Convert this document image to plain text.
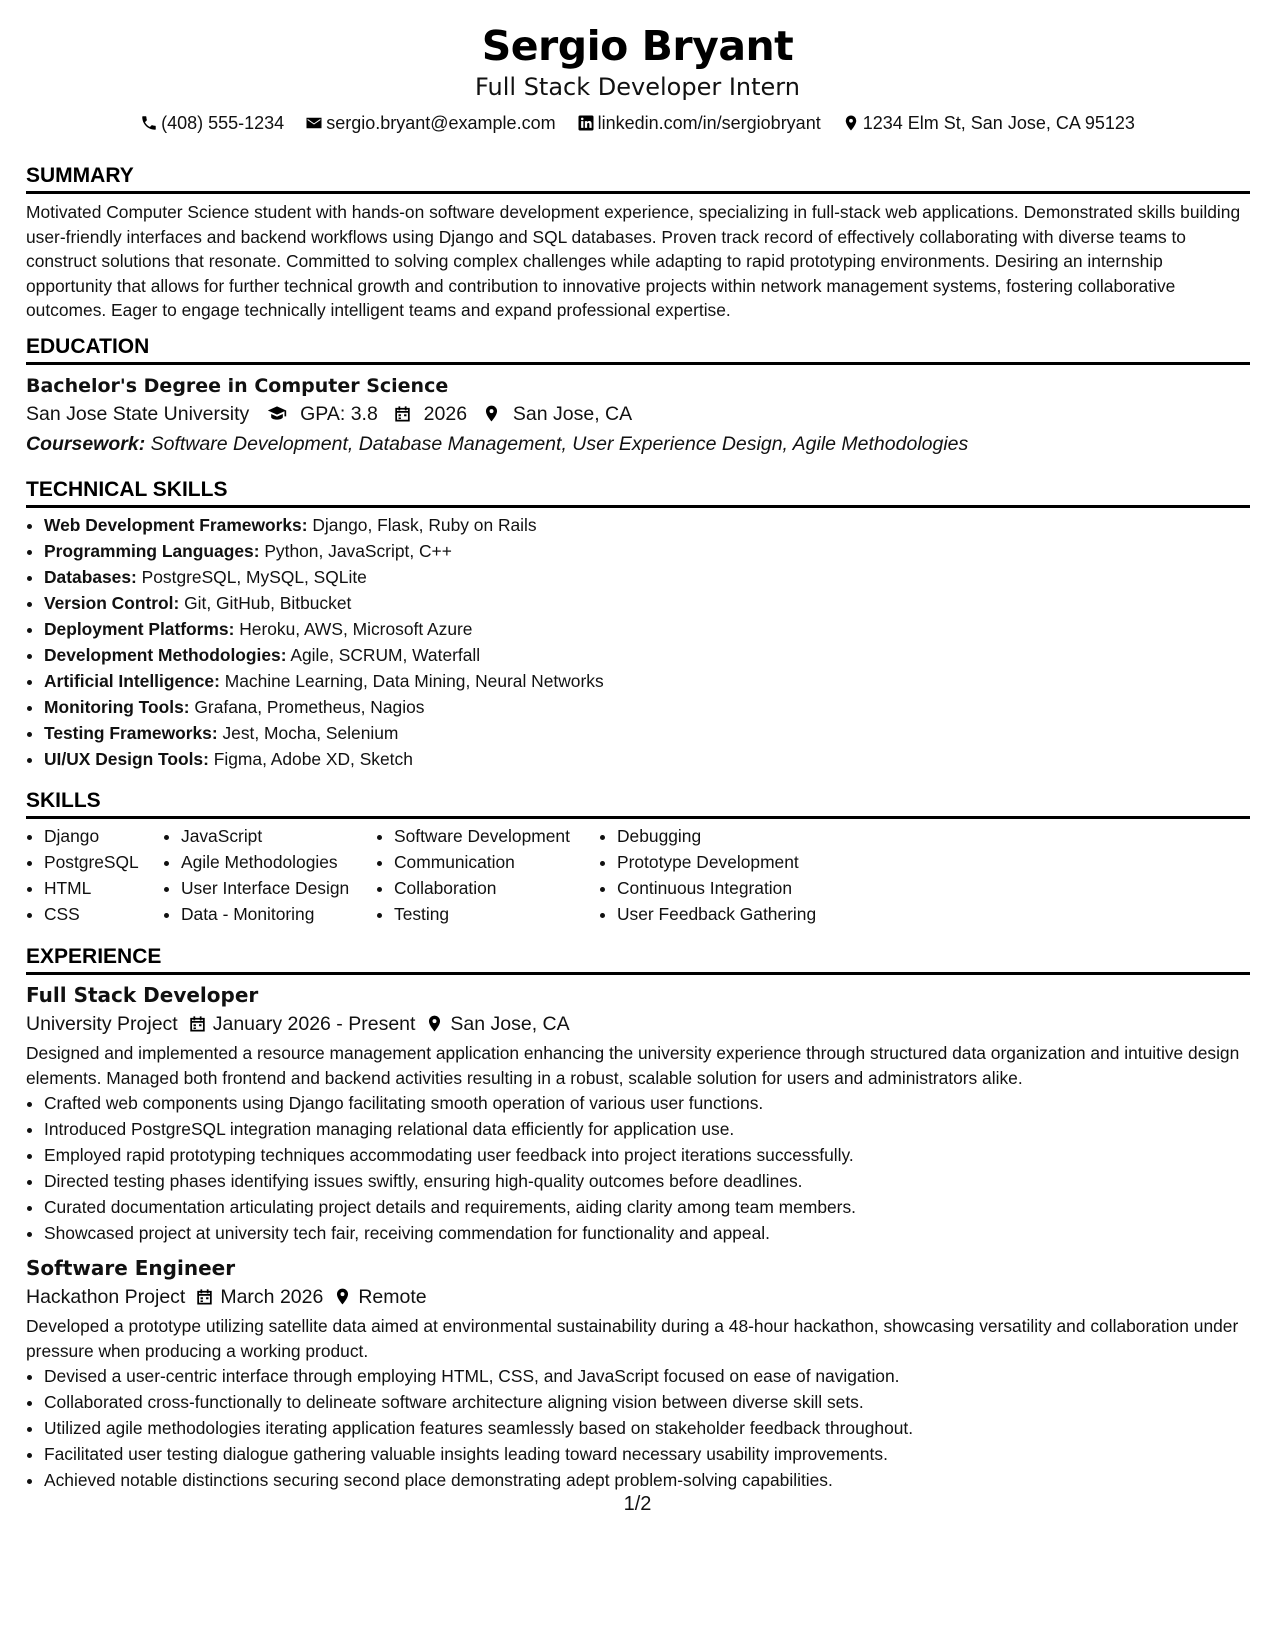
Sergio Bryant
Full Stack Developer Intern
(408) 555-1234 sergio.bryant@example.com linkedin.com/in/sergiobryant 1234 Elm St, San Jose, CA 95123
SUMMARY
Motivated Computer Science student with hands-on software development experience, specializing in full-stack web applications. Demonstrated skills building user-friendly interfaces and backend workflows using Django and SQL databases. Proven track record of effectively collaborating with diverse teams to construct solutions that resonate. Committed to solving complex challenges while adapting to rapid prototyping environments. Desiring an internship opportunity that allows for further technical growth and contribution to innovative projects within network management systems, fostering collaborative outcomes. Eager to engage technically intelligent teams and expand professional expertise.
EDUCATION
Bachelor's Degree in Computer Science
San Jose State University	GPA: 3.8 2026 San Jose, CA
Coursework: Software Development, Database Management, User Experience Design, Agile Methodologies
TECHNICAL SKILLS
• Web Development Frameworks: Django, Flask, Ruby on Rails
• Programming Languages: Python, JavaScript, C++
• Databases: PostgreSQL, MySQL, SQLite
• Version Control: Git, GitHub, Bitbucket
• Deployment Platforms: Heroku, AWS, Microsoft Azure
• Development Methodologies: Agile, SCRUM, Waterfall
• Artificial Intelligence: Machine Learning, Data Mining, Neural Networks
• Monitoring Tools: Grafana, Prometheus, Nagios
• Testing Frameworks: Jest, Mocha, Selenium
• UI/UX Design Tools: Figma, Adobe XD, Sketch
SKILLS
• Django
• PostgreSQL
• HTML
• CSS
• JavaScript
• Agile Methodologies
• User Interface Design
• Data - Monitoring
• Software Development
• Communication
• Collaboration
• Testing
• Debugging
• Prototype Development
• Continuous Integration
• User Feedback Gathering
EXPERIENCE
Full Stack Developer
University Project January 2026 - Present San Jose, CA
Designed and implemented a resource management application enhancing the university experience through structured data organization and intuitive design elements. Managed both frontend and backend activities resulting in a robust, scalable solution for users and administrators alike.
• Crafted web components using Django facilitating smooth operation of various user functions.
• Introduced PostgreSQL integration managing relational data efficiently for application use.
• Employed rapid prototyping techniques accommodating user feedback into project iterations successfully.
• Directed testing phases identifying issues swiftly, ensuring high-quality outcomes before deadlines.
• Curated documentation articulating project details and requirements, aiding clarity among team members.
• Showcased project at university tech fair, receiving commendation for functionality and appeal.
Software Engineer
Hackathon Project March 2026 Remote
Developed a prototype utilizing satellite data aimed at environmental sustainability during a 48-hour hackathon, showcasing versatility and collaboration under pressure when producing a working product.
• Devised a user-centric interface through employing HTML, CSS, and JavaScript focused on ease of navigation.
• Collaborated cross-functionally to delineate software architecture aligning vision between diverse skill sets.
• Utilized agile methodologies iterating application features seamlessly based on stakeholder feedback throughout.
• Facilitated user testing dialogue gathering valuable insights leading toward necessary usability improvements.
• Achieved notable distinctions securing second place demonstrating adept problem-solving capabilities.
1/2
